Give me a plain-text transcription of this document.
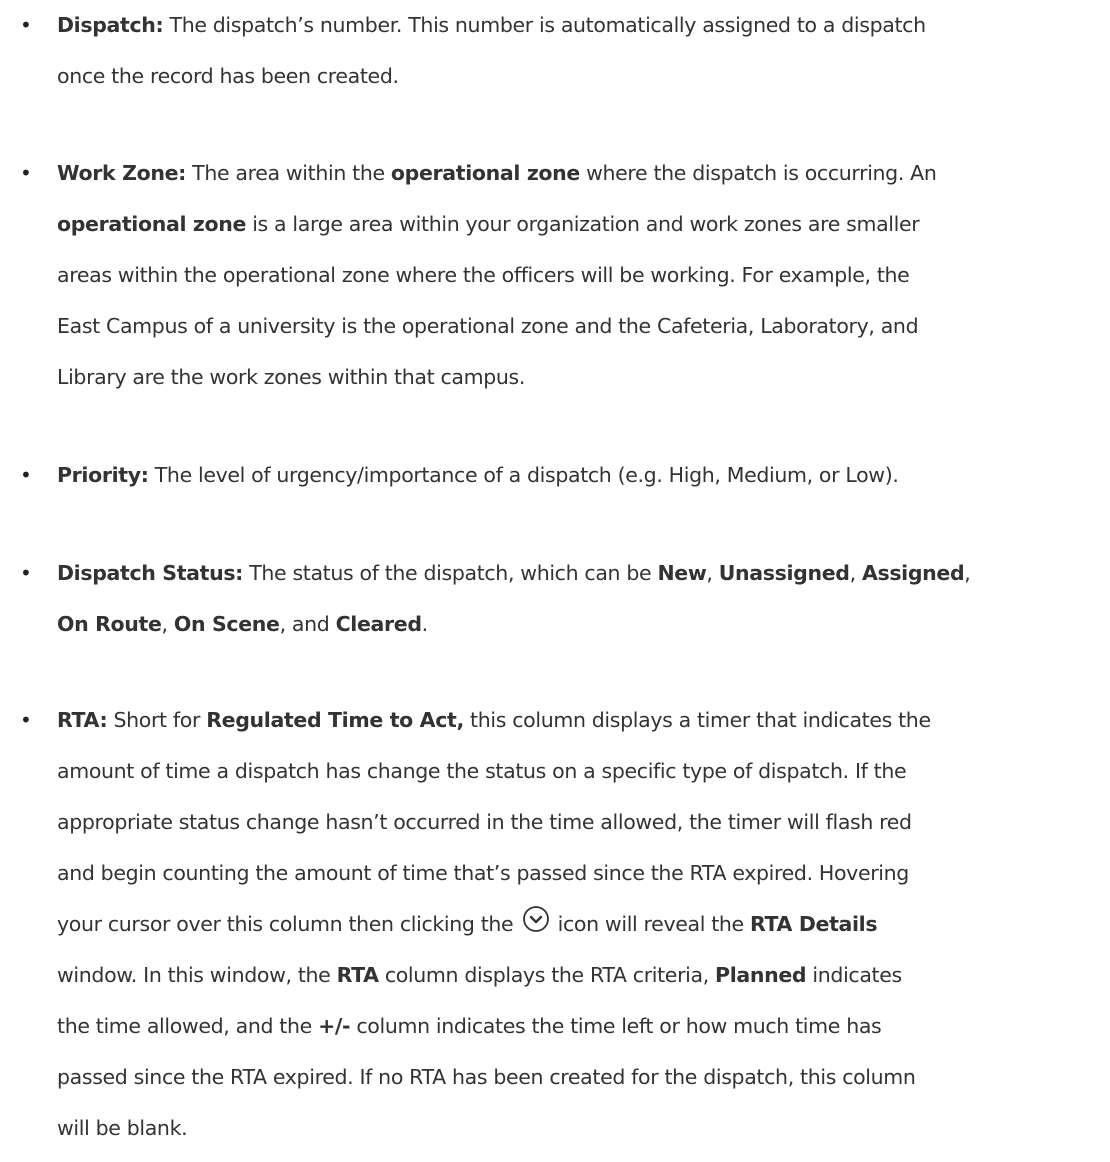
• Dispatch: The dispatch’s number. This number is automatically assigned to a dispatch
once the record has been created.
• Work Zone: The area within the operational zone where the dispatch is occurring. An
operational zone is a large area within your organization and work zones are smaller
areas within the operational zone where the officers will be working. For example, the
East Campus of a university is the operational zone and the Cafeteria, Laboratory, and
Library are the work zones within that campus.
• Priority: The level of urgency/importance of a dispatch (e.g. High, Medium, or Low).
• Dispatch Status: The status of the dispatch, which can be New, Unassigned, Assigned,
On Route, On Scene, and Cleared.
• RTA: Short for Regulated Time to Act, this column displays a timer that indicates the
amount of time a dispatch has change the status on a specific type of dispatch. If the
appropriate status change hasn’t occurred in the time allowed, the timer will flash red
and begin counting the amount of time that’s passed since the RTA expired. Hovering
your cursor over this column then clicking the  icon will reveal the RTA Details
window. In this window, the RTA column displays the RTA criteria, Planned indicates
the time allowed, and the +/- column indicates the time left or how much time has
passed since the RTA expired. If no RTA has been created for the dispatch, this column
will be blank.
